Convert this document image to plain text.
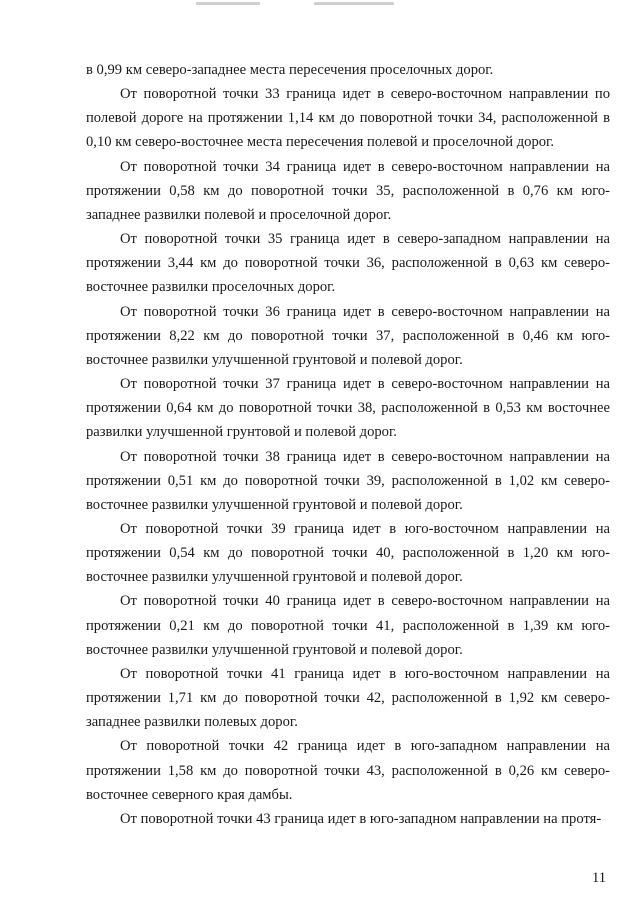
в 0,99 км северо-западнее места пересечения проселочных дорог.

От поворотной точки 33 граница идет в северо-восточном направлении по полевой дороге на протяжении 1,14 км до поворотной точки 34, расположенной в 0,10 км северо-восточнее места пересечения полевой и проселочной дорог.

От поворотной точки 34 граница идет в северо-восточном направлении на протяжении 0,58 км до поворотной точки 35, расположенной в 0,76 км юго-западнее развилки полевой и проселочной дорог.

От поворотной точки 35 граница идет в северо-западном направлении на протяжении 3,44 км до поворотной точки 36, расположенной в 0,63 км северо-восточнее развилки проселочных дорог.

От поворотной точки 36 граница идет в северо-восточном направлении на протяжении 8,22 км до поворотной точки 37, расположенной в 0,46 км юго-восточнее развилки улучшенной грунтовой и полевой дорог.

От поворотной точки 37 граница идет в северо-восточном направлении на протяжении 0,64 км до поворотной точки 38, расположенной в 0,53 км восточнее развилки улучшенной грунтовой и полевой дорог.

От поворотной точки 38 граница идет в северо-восточном направлении на протяжении 0,51 км до поворотной точки 39, расположенной в 1,02 км северо-восточнее развилки улучшенной грунтовой и полевой дорог.

От поворотной точки 39 граница идет в юго-восточном направлении на протяжении 0,54 км до поворотной точки 40, расположенной в 1,20 км юго-восточнее развилки улучшенной грунтовой и полевой дорог.

От поворотной точки 40 граница идет в северо-восточном направлении на протяжении 0,21 км до поворотной точки 41, расположенной в 1,39 км юго-восточнее развилки улучшенной грунтовой и полевой дорог.

От поворотной точки 41 граница идет в юго-восточном направлении на протяжении 1,71 км до поворотной точки 42, расположенной в 1,92 км северо-западнее развилки полевых дорог.

От поворотной точки 42 граница идет в юго-западном направлении на протяжении 1,58 км до поворотной точки 43, расположенной в 0,26 км северо-восточнее северного края дамбы.

От поворотной точки 43 граница идет в юго-западном направлении на протя-

11
